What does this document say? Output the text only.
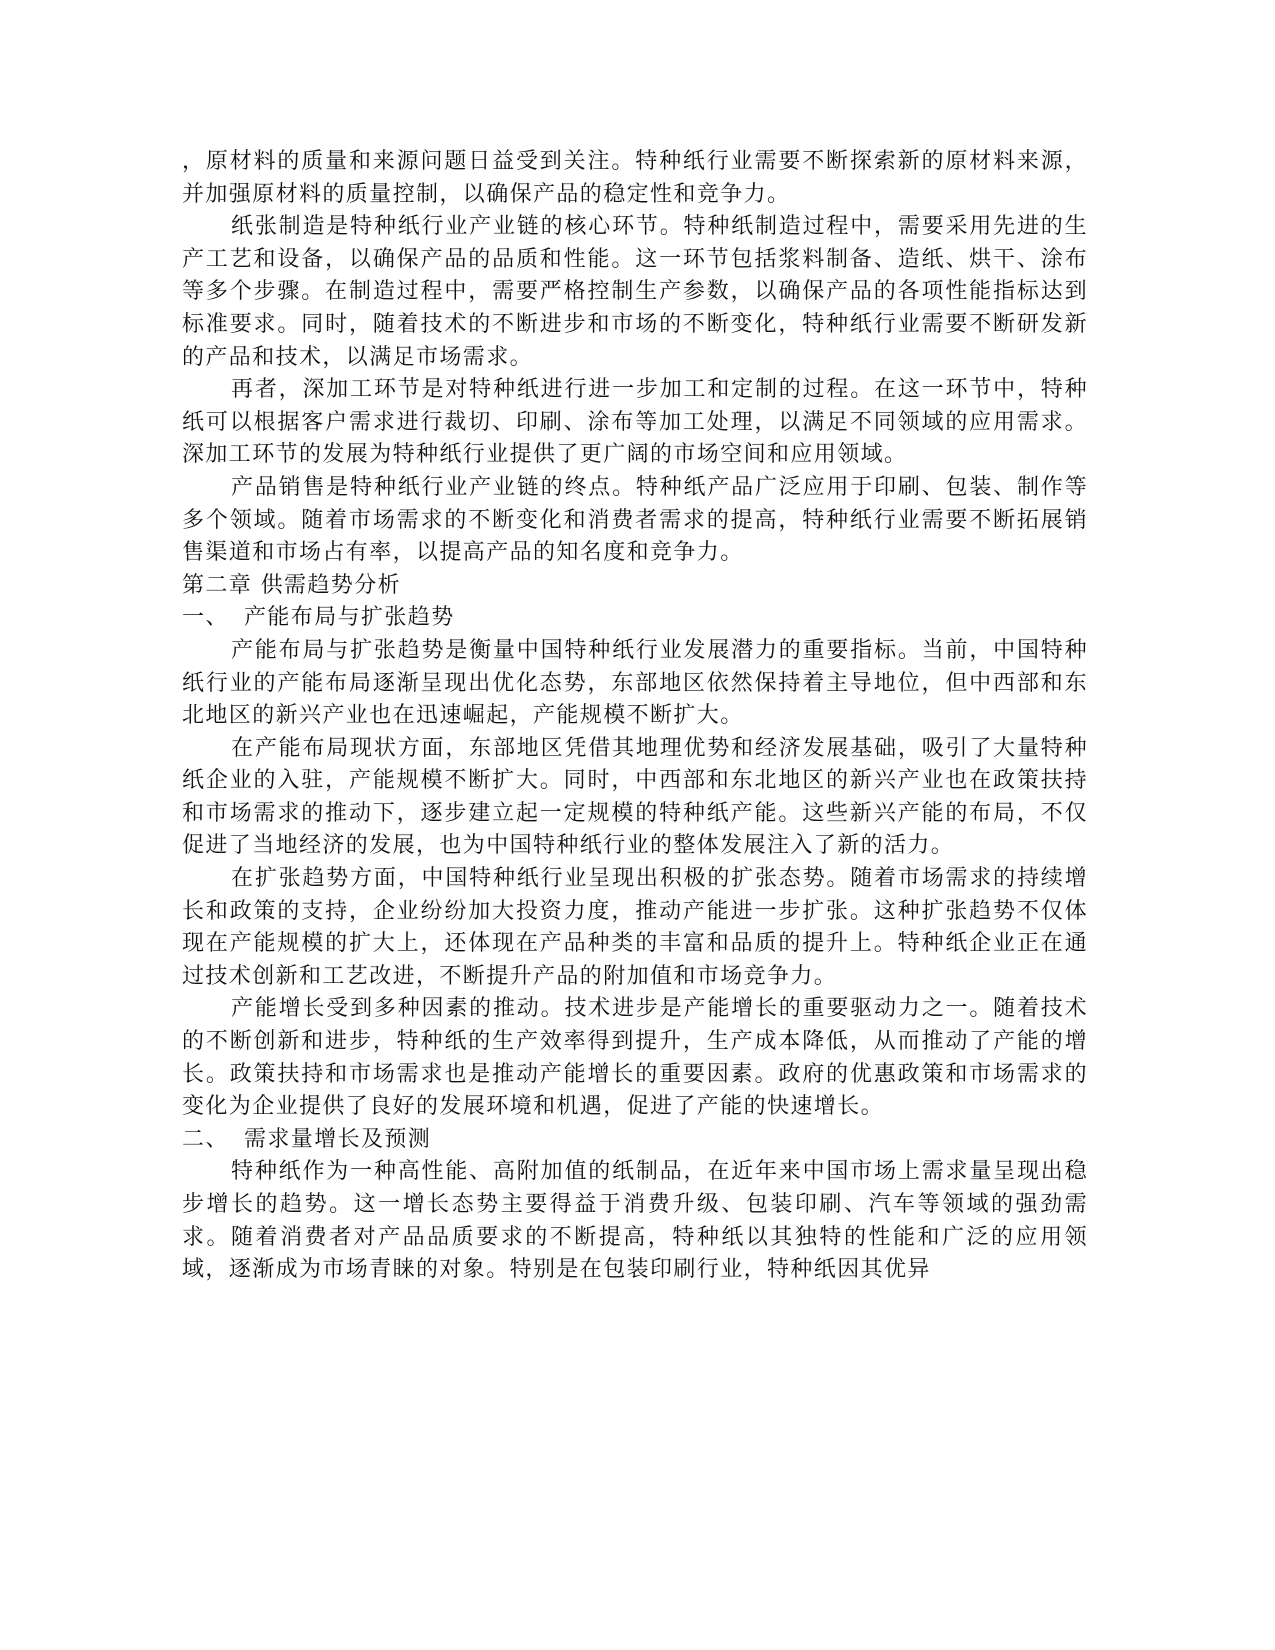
，原材料的质量和来源问题日益受到关注。特种纸行业需要不断探索新的原材料来源，并加强原材料的质量控制，以确保产品的稳定性和竞争力。

纸张制造是特种纸行业产业链的核心环节。特种纸制造过程中，需要采用先进的生产工艺和设备，以确保产品的品质和性能。这一环节包括浆料制备、造纸、烘干、涂布等多个步骤。在制造过程中，需要严格控制生产参数，以确保产品的各项性能指标达到标准要求。同时，随着技术的不断进步和市场的不断变化，特种纸行业需要不断研发新的产品和技术，以满足市场需求。

再者，深加工环节是对特种纸进行进一步加工和定制的过程。在这一环节中，特种纸可以根据客户需求进行裁切、印刷、涂布等加工处理，以满足不同领域的应用需求。深加工环节的发展为特种纸行业提供了更广阔的市场空间和应用领域。

产品销售是特种纸行业产业链的终点。特种纸产品广泛应用于印刷、包装、制作等多个领域。随着市场需求的不断变化和消费者需求的提高，特种纸行业需要不断拓展销售渠道和市场占有率，以提高产品的知名度和竞争力。

第二章 供需趋势分析

一、 产能布局与扩张趋势

产能布局与扩张趋势是衡量中国特种纸行业发展潜力的重要指标。当前，中国特种纸行业的产能布局逐渐呈现出优化态势，东部地区依然保持着主导地位，但中西部和东北地区的新兴产业也在迅速崛起，产能规模不断扩大。

在产能布局现状方面，东部地区凭借其地理优势和经济发展基础，吸引了大量特种纸企业的入驻，产能规模不断扩大。同时，中西部和东北地区的新兴产业也在政策扶持和市场需求的推动下，逐步建立起一定规模的特种纸产能。这些新兴产能的布局，不仅促进了当地经济的发展，也为中国特种纸行业的整体发展注入了新的活力。

在扩张趋势方面，中国特种纸行业呈现出积极的扩张态势。随着市场需求的持续增长和政策的支持，企业纷纷加大投资力度，推动产能进一步扩张。这种扩张趋势不仅体现在产能规模的扩大上，还体现在产品种类的丰富和品质的提升上。特种纸企业正在通过技术创新和工艺改进，不断提升产品的附加值和市场竞争力。

产能增长受到多种因素的推动。技术进步是产能增长的重要驱动力之一。随着技术的不断创新和进步，特种纸的生产效率得到提升，生产成本降低，从而推动了产能的增长。政策扶持和市场需求也是推动产能增长的重要因素。政府的优惠政策和市场需求的变化为企业提供了良好的发展环境和机遇，促进了产能的快速增长。

二、 需求量增长及预测

特种纸作为一种高性能、高附加值的纸制品，在近年来中国市场上需求量呈现出稳步增长的趋势。这一增长态势主要得益于消费升级、包装印刷、汽车等领域的强劲需求。随着消费者对产品品质要求的不断提高，特种纸以其独特的性能和广泛的应用领域，逐渐成为市场青睐的对象。特别是在包装印刷行业，特种纸因其优异
